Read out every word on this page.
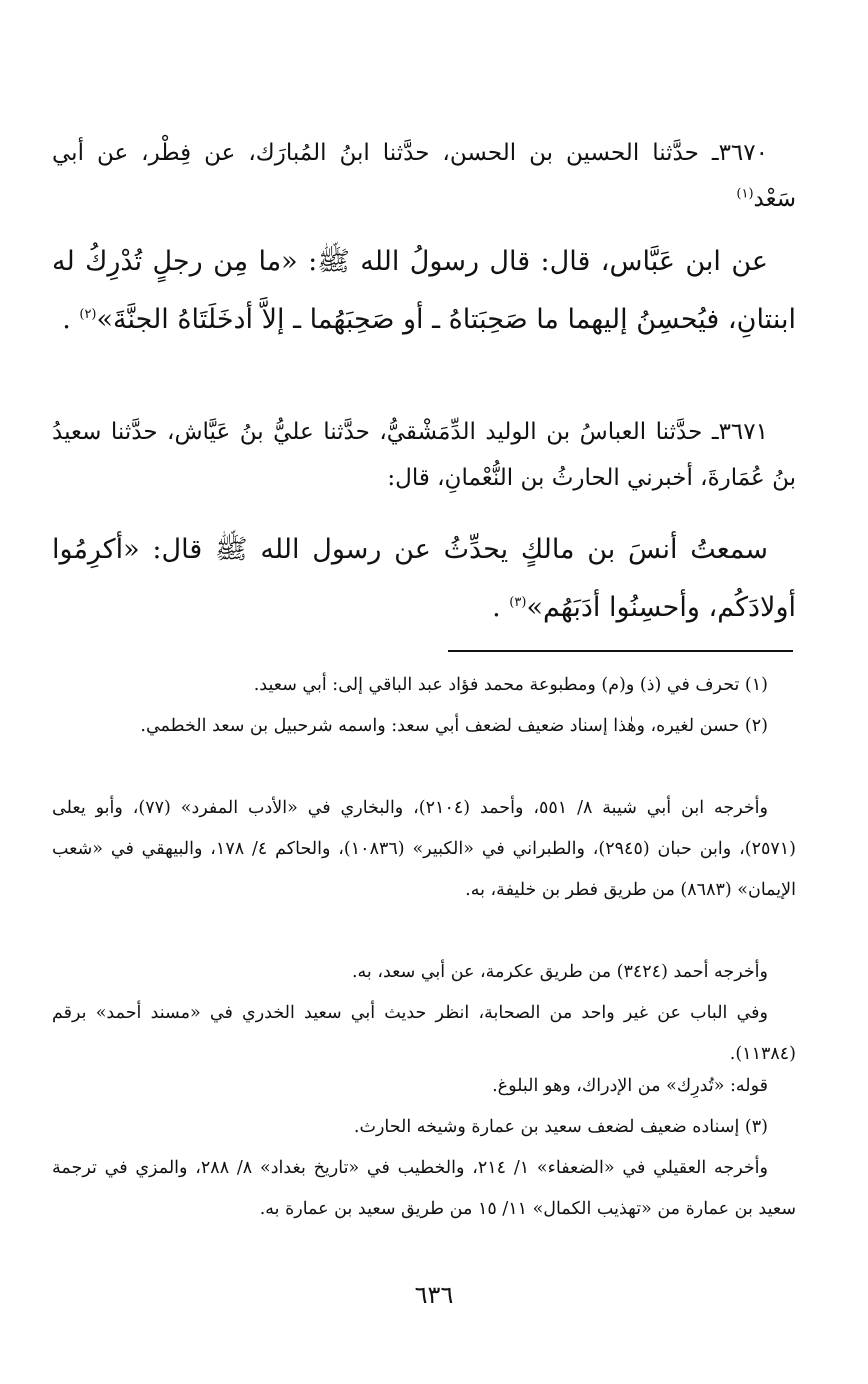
٣٦٧٠ـ حدَّثنا الحسين بن الحسن، حدَّثنا ابنُ المُبارَك، عن فِطْر، عن أبي سَعْد$^{(١)}$

عن ابن عَبَّاس، قال: قال رسولُ الله ﷺ: «ما مِن رجلٍ تُدْرِكُ له ابنتانِ، فيُحسِنُ إليهما ما صَحِبَتاهُ ـ أو صَحِبَهُما ـ إلاَّ أدخَلَتَاهُ الجنَّةَ»$^{(٢)}$ .

٣٦٧١ـ حدَّثنا العباسُ بن الوليد الدِّمَشْقيُّ، حدَّثنا عليُّ بنُ عَيَّاش، حدَّثنا سعيدُ بنُ عُمَارةَ، أخبرني الحارثُ بن النُّعْمانِ، قال:

سمعتُ أنسَ بن مالكٍ يحدِّثُ عن رسول الله ﷺ قال: «أكرِمُوا أولادَكُم، وأحسِنُوا أدَبَهُم»$^{(٣)}$ .

(١) تحرف في (ذ) و(م) ومطبوعة محمد فؤاد عبد الباقي إلى: أبي سعيد.

(٢) حسن لغيره، وهٰذا إسناد ضعيف لضعف أبي سعد: واسمه شرحبيل بن سعد الخطمي.

وأخرجه ابن أبي شيبة ٨/ ٥٥١، وأحمد (٢١٠٤)، والبخاري في «الأدب المفرد» (٧٧)، وأبو يعلى (٢٥٧١)، وابن حبان (٢٩٤٥)، والطبراني في «الكبير» (١٠٨٣٦)، والحاكم ٤/ ١٧٨، والبيهقي في «شعب الإيمان» (٨٦٨٣) من طريق فطر بن خليفة، به.

وأخرجه أحمد (٣٤٢٤) من طريق عكرمة، عن أبي سعد، به.

وفي الباب عن غير واحد من الصحابة، انظر حديث أبي سعيد الخدري في «مسند أحمد» برقم (١١٣٨٤).

قوله: «تُدرِك» من الإدراك، وهو البلوغ.

(٣) إسناده ضعيف لضعف سعيد بن عمارة وشيخه الحارث.

وأخرجه العقيلي في «الضعفاء» ١/ ٢١٤، والخطيب في «تاريخ بغداد» ٨/ ٢٨٨، والمزي في ترجمة سعيد بن عمارة من «تهذيب الكمال» ١١/ ١٥ من طريق سعيد بن عمارة به.

٦٣٦
